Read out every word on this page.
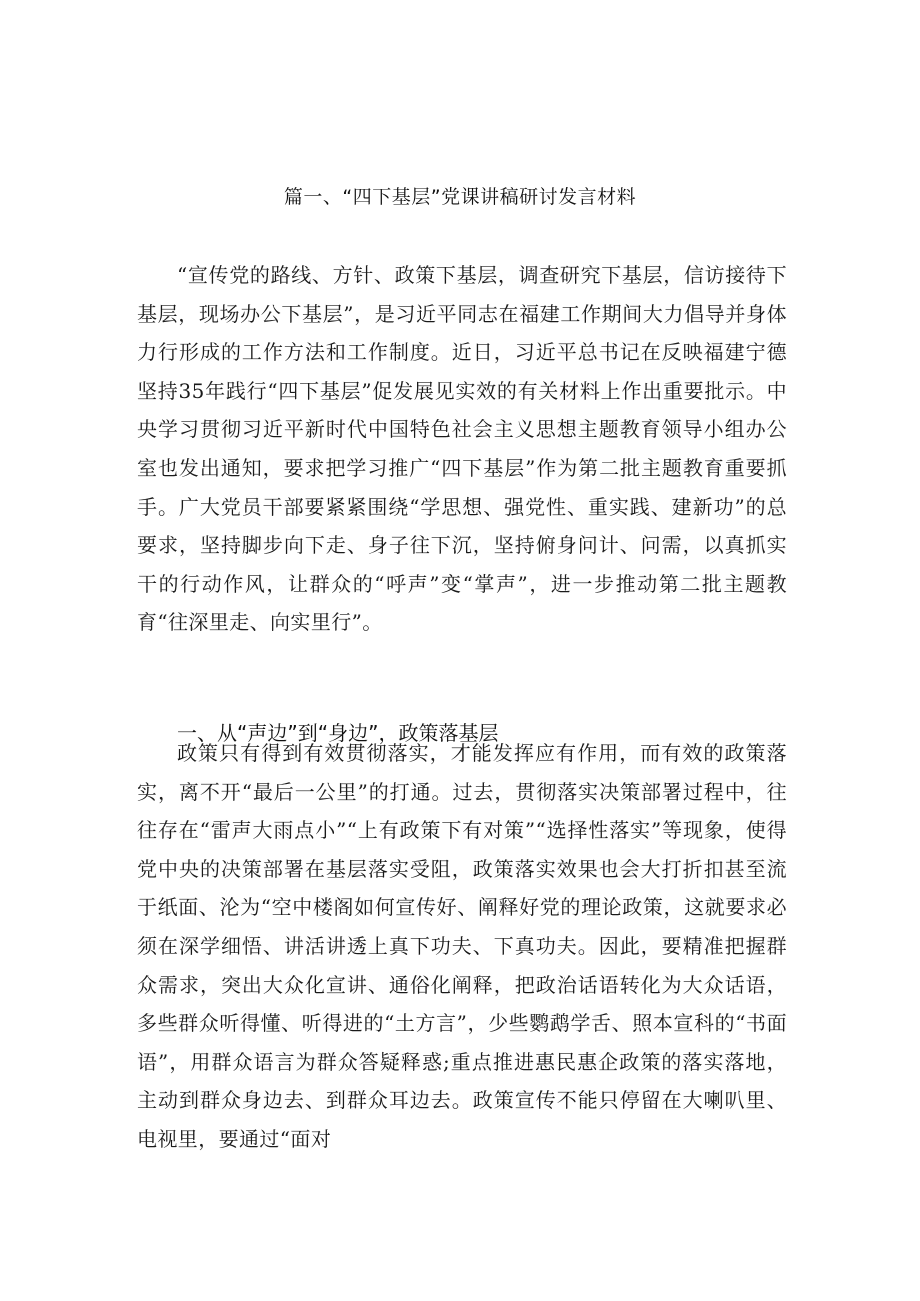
篇一、“四下基层”党课讲稿研讨发言材料

“宣传党的路线、方针、政策下基层，调查研究下基层，信访接待下基层，现场办公下基层”，是习近平同志在福建工作期间大力倡导并身体力行形成的工作方法和工作制度。近日，习近平总书记在反映福建宁德坚持35年践行“四下基层”促发展见实效的有关材料上作出重要批示。中央学习贯彻习近平新时代中国特色社会主义思想主题教育领导小组办公室也发出通知，要求把学习推广“四下基层”作为第二批主题教育重要抓手。广大党员干部要紧紧围绕“学思想、强党性、重实践、建新功”的总要求，坚持脚步向下走、身子往下沉，坚持俯身问计、问需，以真抓实干的行动作风，让群众的“呼声”变“掌声”，进一步推动第二批主题教育“往深里走、向实里行”。

一、从“声边”到“身边”，政策落基层

政策只有得到有效贯彻落实，才能发挥应有作用，而有效的政策落实，离不开“最后一公里”的打通。过去，贯彻落实决策部署过程中，往往存在“雷声大雨点小”“上有政策下有对策”“选择性落实”等现象，使得党中央的决策部署在基层落实受阻，政策落实效果也会大打折扣甚至流于纸面、沦为“空中楼阁如何宣传好、阐释好党的理论政策，这就要求必须在深学细悟、讲活讲透上真下功夫、下真功夫。因此，要精准把握群众需求，突出大众化宣讲、通俗化阐释，把政治话语转化为大众话语，多些群众听得懂、听得进的“土方言”，少些鹦鹉学舌、照本宣科的“书面语”，用群众语言为群众答疑释惑;重点推进惠民惠企政策的落实落地，主动到群众身边去、到群众耳边去。政策宣传不能只停留在大喇叭里、电视里，要通过“面对
